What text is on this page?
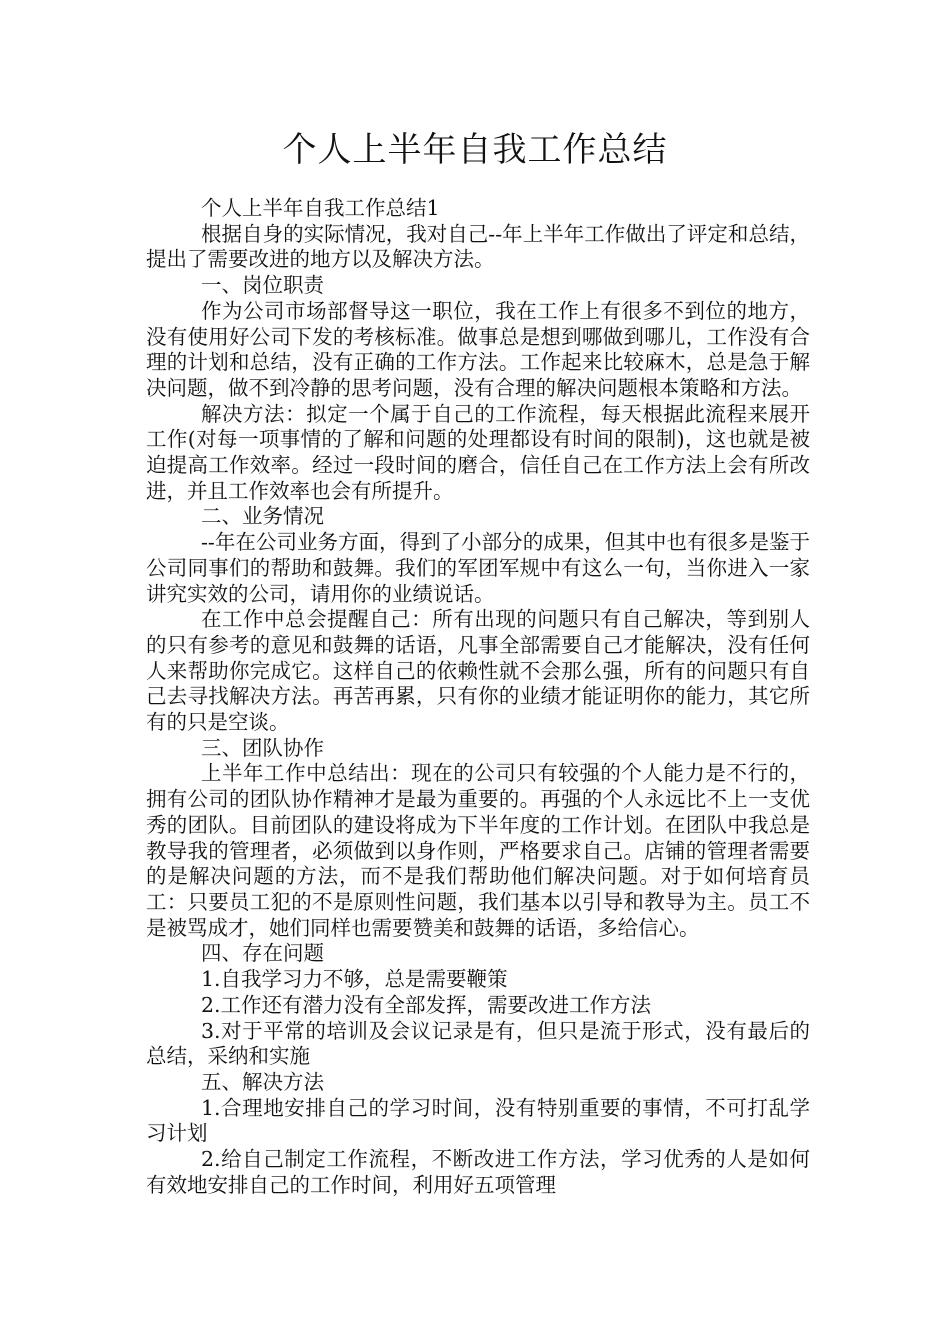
个人上半年自我工作总结

个人上半年自我工作总结1

根据自身的实际情况，我对自己--年上半年工作做出了评定和总结，提出了需要改进的地方以及解决方法。

一、岗位职责

作为公司市场部督导这一职位，我在工作上有很多不到位的地方，没有使用好公司下发的考核标准。做事总是想到哪做到哪儿，工作没有合理的计划和总结，没有正确的工作方法。工作起来比较麻木，总是急于解决问题，做不到冷静的思考问题，没有合理的解决问题根本策略和方法。

解决方法：拟定一个属于自己的工作流程，每天根据此流程来展开工作(对每一项事情的了解和问题的处理都设有时间的限制)，这也就是被迫提高工作效率。经过一段时间的磨合，信任自己在工作方法上会有所改进，并且工作效率也会有所提升。

二、业务情况

--年在公司业务方面，得到了小部分的成果，但其中也有很多是鉴于公司同事们的帮助和鼓舞。我们的军团军规中有这么一句，当你进入一家讲究实效的公司，请用你的业绩说话。

在工作中总会提醒自己：所有出现的问题只有自己解决，等到别人的只有参考的意见和鼓舞的话语，凡事全部需要自己才能解决，没有任何人来帮助你完成它。这样自己的依赖性就不会那么强，所有的问题只有自己去寻找解决方法。再苦再累，只有你的业绩才能证明你的能力，其它所有的只是空谈。

三、团队协作

上半年工作中总结出：现在的公司只有较强的个人能力是不行的，拥有公司的团队协作精神才是最为重要的。再强的个人永远比不上一支优秀的团队。目前团队的建设将成为下半年度的工作计划。在团队中我总是教导我的管理者，必须做到以身作则，严格要求自己。店铺的管理者需要的是解决问题的方法，而不是我们帮助他们解决问题。对于如何培育员工：只要员工犯的不是原则性问题，我们基本以引导和教导为主。员工不是被骂成才，她们同样也需要赞美和鼓舞的话语，多给信心。

四、存在问题

1.自我学习力不够，总是需要鞭策

2.工作还有潜力没有全部发挥，需要改进工作方法

3.对于平常的培训及会议记录是有，但只是流于形式，没有最后的总结，采纳和实施

五、解决方法

1.合理地安排自己的学习时间，没有特别重要的事情，不可打乱学习计划

2.给自己制定工作流程，不断改进工作方法，学习优秀的人是如何有效地安排自己的工作时间，利用好五项管理
